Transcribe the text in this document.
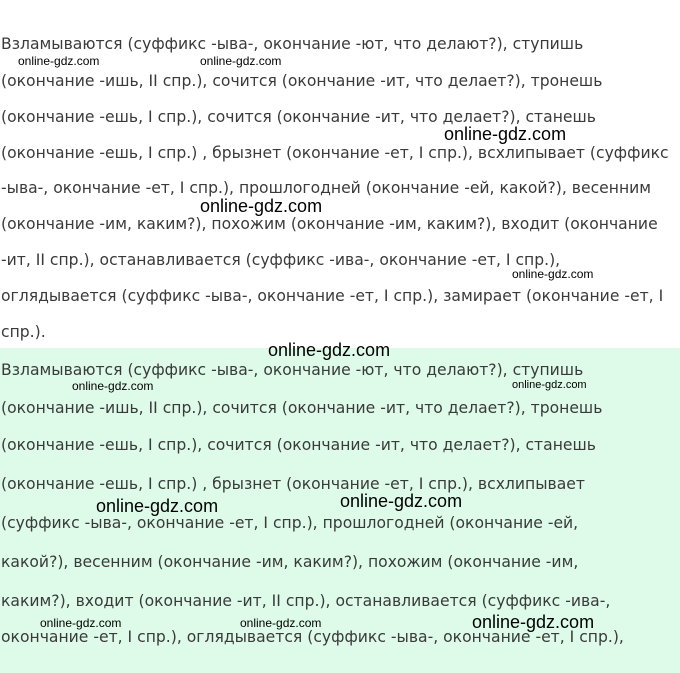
Взламываются (суффикс -ыва-, окончание -ют, что делают?), ступишь
(окончание -ишь, II спр.), сочится (окончание -ит, что делает?), тронешь
(окончание -ешь, I спр.), сочится (окончание -ит, что делает?), станешь
(окончание -ешь, I спр.) , брызнет (окончание -ет, I спр.), всхлипывает (суффикс
-ыва-, окончание -ет, I спр.), прошлогодней (окончание -ей, какой?), весенним
(окончание -им, каким?), похожим (окончание -им, каким?), входит (окончание
-ит, II спр.), останавливается (суффикс -ива-, окончание -ет, I спр.),
оглядывается (суффикс -ыва-, окончание -ет, I спр.), замирает (окончание -ет, I
спр.).
online-gdz.com	online-gdz.com
online-gdz.com
online-gdz.com
online-gdz.com
Взламываются (суффикс -ыва-, окончание -ют, что делают?), ступишь
(окончание -ишь, II спр.), сочится (окончание -ит, что делает?), тронешь
(окончание -ешь, I спр.), сочится (окончание -ит, что делает?), станешь
(окончание -ешь, I спр.) , брызнет (окончание -ет, I спр.), всхлипывает
(суффикс -ыва-, окончание -ет, I спр.), прошлогодней (окончание -ей,
какой?), весенним (окончание -им, каким?), похожим (окончание -им,
каким?), входит (окончание -ит, II спр.), останавливается (суффикс -ива-,
окончание -ет, I спр.), оглядывается (суффикс -ыва-, окончание -ет, I спр.),
online-gdz.com
online-gdz.com	online-gdz.com
online-gdz.com	online-gdz.com
online-gdz.com	online-gdz.com	online-gdz.com
